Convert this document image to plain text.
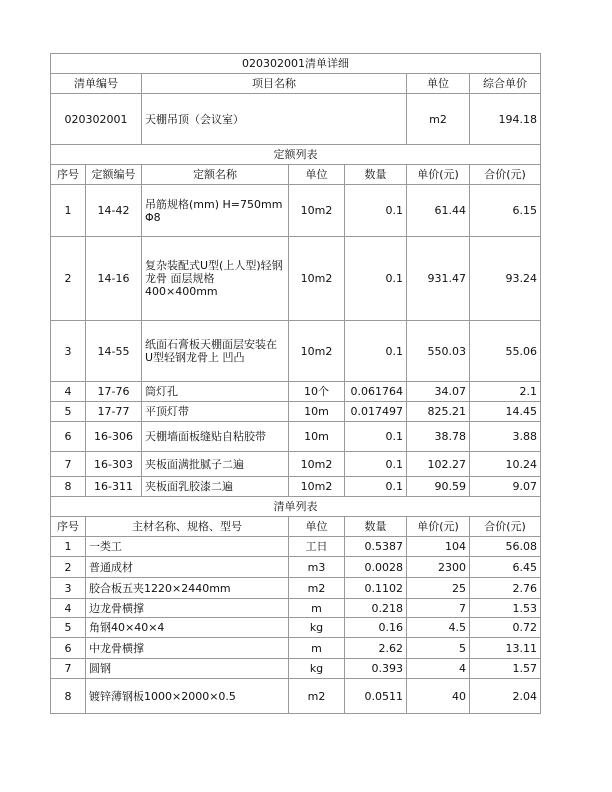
020302001清单详细						
清单编号		项目名称			单位	综合单价
020302001		天棚吊顶（会议室）			m2	194.18
定额列表						
序号	定额编号	定额名称	单位	数量	单价(元)	合价(元)
1	14-42	吊筋规格(mm) H=750mm Φ8	10m2	0.1	61.44	6.15
2	14-16	复杂装配式U型(上人型)轻钢龙骨 面层规格400×400mm	10m2	0.1	931.47	93.24
3	14-55	纸面石膏板天棚面层安装在U型轻钢龙骨上 凹凸	10m2	0.1	550.03	55.06
4	17-76	筒灯孔	10个	0.061764	34.07	2.1
5	17-77	平顶灯带	10m	0.017497	825.21	14.45
6	16-306	天棚墙面板缝贴自粘胶带	10m	0.1	38.78	3.88
7	16-303	夹板面满批腻子二遍	10m2	0.1	102.27	10.24
8	16-311	夹板面乳胶漆二遍	10m2	0.1	90.59	9.07
清单列表						
序号	主材名称、规格、型号		单位	数量	单价(元)	合价(元)
1	一类工		工日	0.5387	104	56.08
2	普通成材		m3	0.0028	2300	6.45
3	胶合板五夹1220×2440mm		m2	0.1102	25	2.76
4	边龙骨横撑		m	0.218	7	1.53
5	角钢40×40×4		kg	0.16	4.5	0.72
6	中龙骨横撑		m	2.62	5	13.11
7	圆钢		kg	0.393	4	1.57
8	镀锌薄钢板1000×2000×0.5		m2	0.0511	40	2.04
